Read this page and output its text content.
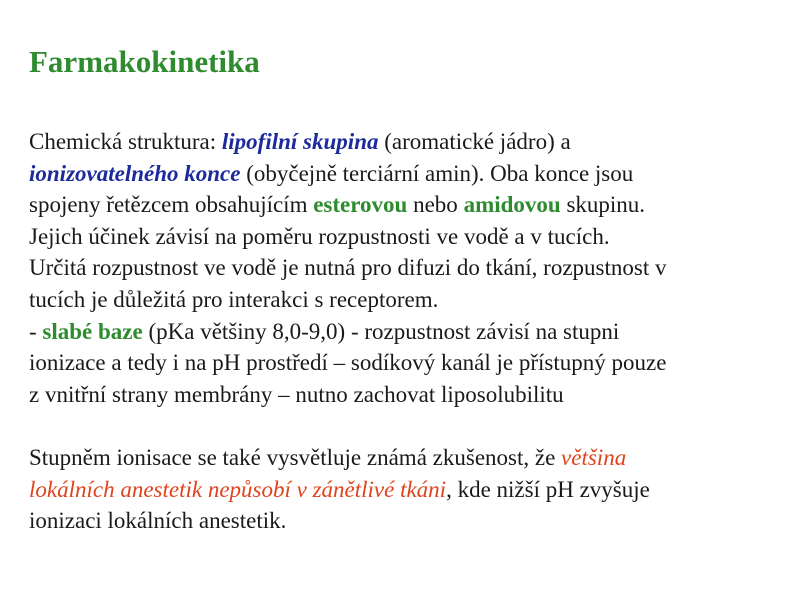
Farmakokinetika
Chemická struktura: lipofilní skupina (aromatické jádro) a
ionizovatelného konce (obyčejně terciární amin). Oba konce jsou
spojeny řetězcem obsahujícím esterovou nebo amidovou skupinu.
Jejich účinek závisí na poměru rozpustnosti ve vodě a v tucích.
Určitá rozpustnost ve vodě je nutná pro difuzi do tkání, rozpustnost v
tucích je důležitá pro interakci s receptorem.
- slabé baze (pKa většiny 8,0-9,0) - rozpustnost závisí na stupni
ionizace a tedy i na pH prostředí – sodíkový kanál je přístupný pouze
z vnitřní strany membrány – nutno zachovat liposolubilitu
Stupněm ionisace se také vysvětluje známá zkušenost, že většina
lokálních anestetik nepůsobí v zánětlivé tkáni, kde nižší pH zvyšuje
ionizaci lokálních anestetik.
